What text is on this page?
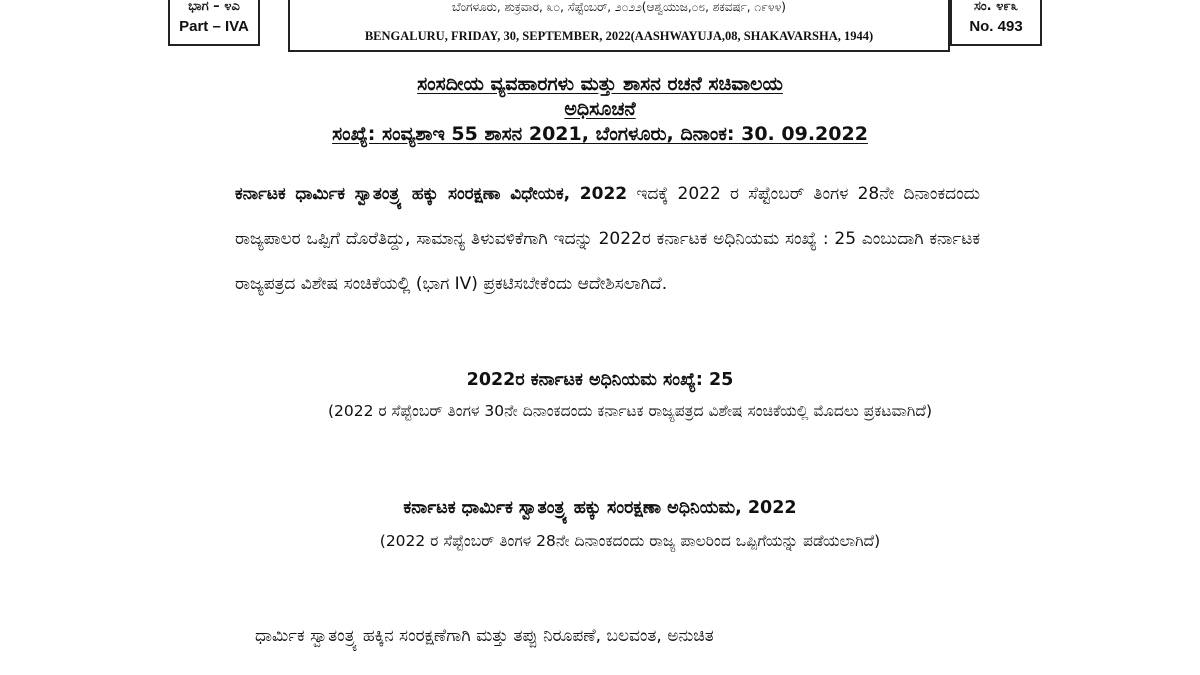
ಭಾಗ – ೪ಎ
Part – IVA
ಬೆಂಗಳೂರು, ಶುಕ್ರವಾರ, ೩೦, ಸೆಪ್ಟೆಂಬರ್, ೨೦೨೨(ಆಶ್ವಯುಜ,೦೮, ಶಕವರ್ಷ, ೧೯೪೪)
BENGALURU, FRIDAY, 30, SEPTEMBER, 2022(AASHWAYUJA,08, SHAKAVARSHA, 1944)
ಸಂ. ೪೯೩
No. 493
ಸಂಸದೀಯ ವ್ಯವಹಾರಗಳು ಮತ್ತು ಶಾಸನ ರಚನೆ ಸಚಿವಾಲಯ
ಅಧಿಸೂಚನೆ
ಸಂಖ್ಯೆ: ಸಂವ್ಯಶಾಇ 55 ಶಾಸನ 2021, ಬೆಂಗಳೂರು, ದಿನಾಂಕ: 30. 09.2022
ಕರ್ನಾಟಕ ಧಾರ್ಮಿಕ ಸ್ವಾತಂತ್ರ್ಯ ಹಕ್ಕು ಸಂರಕ್ಷಣಾ ವಿಧೇಯಕ, 2022 ಇದಕ್ಕೆ 2022 ರ ಸೆಪ್ಟೆಂಬರ್ ತಿಂಗಳ 28ನೇ ದಿನಾಂಕದಂದು ರಾಜ್ಯಪಾಲರ ಒಪ್ಪಿಗೆ ದೊರೆತಿದ್ದು, ಸಾಮಾನ್ಯ ತಿಳುವಳಿಕೆಗಾಗಿ ಇದನ್ನು 2022ರ ಕರ್ನಾಟಕ ಅಧಿನಿಯಮ ಸಂಖ್ಯೆ : 25 ಎಂಬುದಾಗಿ ಕರ್ನಾಟಕ ರಾಜ್ಯಪತ್ರದ ವಿಶೇಷ ಸಂಚಿಕೆಯಲ್ಲಿ (ಭಾಗ IV) ಪ್ರಕಟಿಸಬೇಕೆಂದು ಆದೇಶಿಸಲಾಗಿದೆ.
2022ರ ಕರ್ನಾಟಕ ಅಧಿನಿಯಮ ಸಂಖ್ಯೆ: 25
(2022 ರ ಸೆಪ್ಟೆಂಬರ್ ತಿಂಗಳ 30ನೇ ದಿನಾಂಕದಂದು ಕರ್ನಾಟಕ ರಾಜ್ಯಪತ್ರದ ವಿಶೇಷ ಸಂಚಿಕೆಯಲ್ಲಿ ಮೊದಲು ಪ್ರಕಟವಾಗಿದೆ)
ಕರ್ನಾಟಕ ಧಾರ್ಮಿಕ ಸ್ವಾತಂತ್ರ್ಯ ಹಕ್ಕು ಸಂರಕ್ಷಣಾ ಅಧಿನಿಯಮ, 2022
(2022 ರ ಸೆಪ್ಟೆಂಬರ್ ತಿಂಗಳ 28ನೇ ದಿನಾಂಕದಂದು ರಾಜ್ಯ ಪಾಲರಿಂದ ಒಪ್ಪಿಗೆಯನ್ನು ಪಡೆಯಲಾಗಿದೆ)
ಧಾರ್ಮಿಕ ಸ್ವಾತಂತ್ರ್ಯ ಹಕ್ಕಿನ ಸಂರಕ್ಷಣೆಗಾಗಿ ಮತ್ತು ತಪ್ಪು ನಿರೂಪಣೆ, ಬಲವಂತ, ಅನುಚಿತ
